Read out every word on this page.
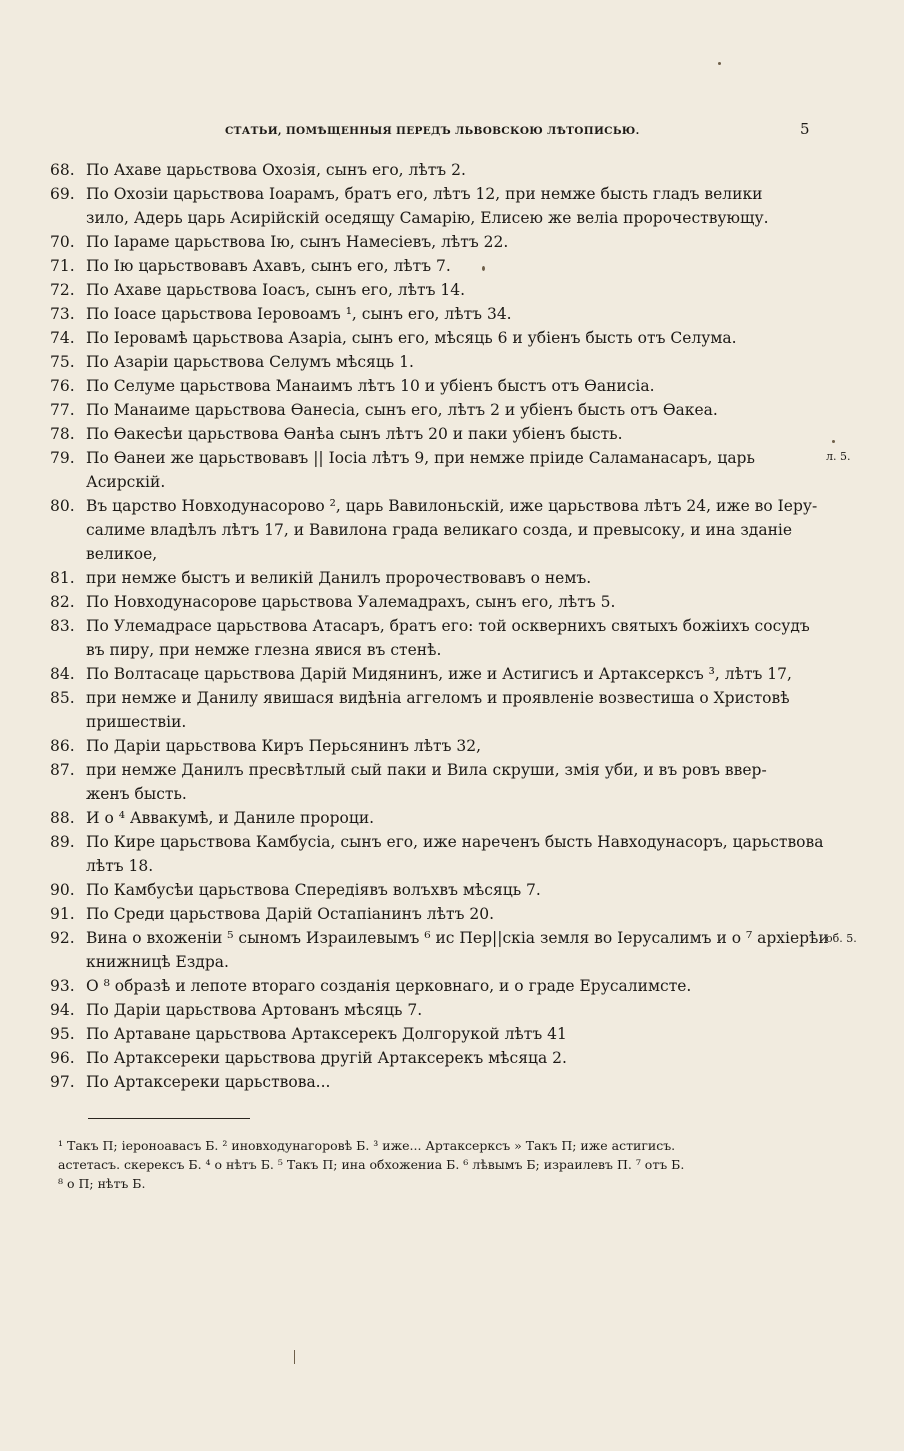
СТАТЬИ, ПОМѢЩЕННЫЯ ПЕРЕДЪ ЛЬВОВСКОЮ ЛѢТОПИСЬЮ.	5
68. По Ахаве царьствова Охозія, сынъ его, лѣтъ 2.
69. По Охозіи царьствова Іоарамъ, братъ его, лѣтъ 12, при немже бысть гладъ велики
зило, Адерь царь Асирійскій оседящу Самарію, Елисею же веліа пророчествующу.
70. По Іараме царьствова Ію, сынъ Намесіевъ, лѣтъ 22.
71. По Ію царьствовавъ Ахавъ, сынъ его, лѣтъ 7.
72. По Ахаве царьствова Іоасъ, сынъ его, лѣтъ 14.
73. По Іоасе царьствова Іеровоамъ ¹, сынъ его, лѣтъ 34.
74. По Іеровамѣ царьствова Азаріа, сынъ его, мѣсяць 6 и убіенъ бысть отъ Селума.
75. По Азаріи царьствова Селумъ мѣсяць 1.
76. По Селуме царьствова Манаимъ лѣтъ 10 и убіенъ быстъ отъ Ѳанисіа.
77. По Манаиме царьствова Ѳанесіа, сынъ его, лѣтъ 2 и убіенъ бысть отъ Ѳакеа.
78. По Ѳакесѣи царьствова Ѳанѣа сынъ лѣтъ 20 и паки убіенъ бысть.
79. По Ѳанеи же царьствовавъ || Іосіа лѣтъ 9, при немже пріиде Саламанасаръ, царь
Асирскій.
80. Въ царство Новходунасорово ², царь Вавилоньскій, иже царьствова лѣтъ 24, иже во Іеру-
салиме владѣлъ лѣтъ 17, и Вавилона града великаго созда, и превысоку, и ина зданіе
великое,
81. при немже быстъ и великій Данилъ пророчествовавъ о немъ.
82. По Новходунасорове царьствова Уалемадрахъ, сынъ его, лѣтъ 5.
83. По Улемадрасе царьствова Атасаръ, братъ его: той осквернихъ святыхъ божіихъ сосудъ
въ пиру, при немже глезна явися въ стенѣ.
84. По Волтасаце царьствова Дарій Мидянинъ, иже и Астигисъ и Артаксерксъ ³, лѣтъ 17,
85. при немже и Данилу явишася видѣніа аггеломъ и проявленіе возвестиша о Христовѣ
пришествіи.
86. По Даріи царьствова Киръ Перьсянинъ лѣтъ 32,
87. при немже Данилъ пресвѣтлый сый паки и Вила скруши, змія уби, и въ ровъ ввер-
женъ бысть.
88. И о ⁴ Аввакумѣ, и Даниле пророци.
89. По Кире царьствова Камбусіа, сынъ его, иже нареченъ бысть Навходунасоръ, царьствова
лѣтъ 18.
90. По Камбусѣи царьствова Спередіявъ волъхвъ мѣсяць 7.
91. По Среди царьствова Дарій Остапіанинъ лѣтъ 20.
92. Вина о вхоженіи ⁵ сыномъ Израилевымъ ⁶ ис Пер||скіа земля во Іерусалимъ и о ⁷ архіерѣи
книжницѣ Ездра.
93. О ⁸ образѣ и лепоте втораго созданія церковнаго, и о граде Ерусалимсте.
94. По Даріи царьствова Артованъ мѣсяць 7.
95. По Артаване царьствова Артаксерекъ Долгорукой лѣтъ 41
96. По Артаксереки царьствова другій Артаксерекъ мѣсяца 2.
97. По Артаксереки царьствова...
л. 5.
об. 5.
¹ Такъ П; іероноавасъ Б. ² иновходунагоровѣ Б. ³ иже... Артаксерксъ » Такъ П; иже астигисъ.
астетасъ. скерексъ Б. ⁴ о нѣтъ Б. ⁵ Такъ П; ина обхожениа Б. ⁶ лѣвымъ Б; израилевъ П. ⁷ отъ Б.
⁸ о П; нѣтъ Б.
